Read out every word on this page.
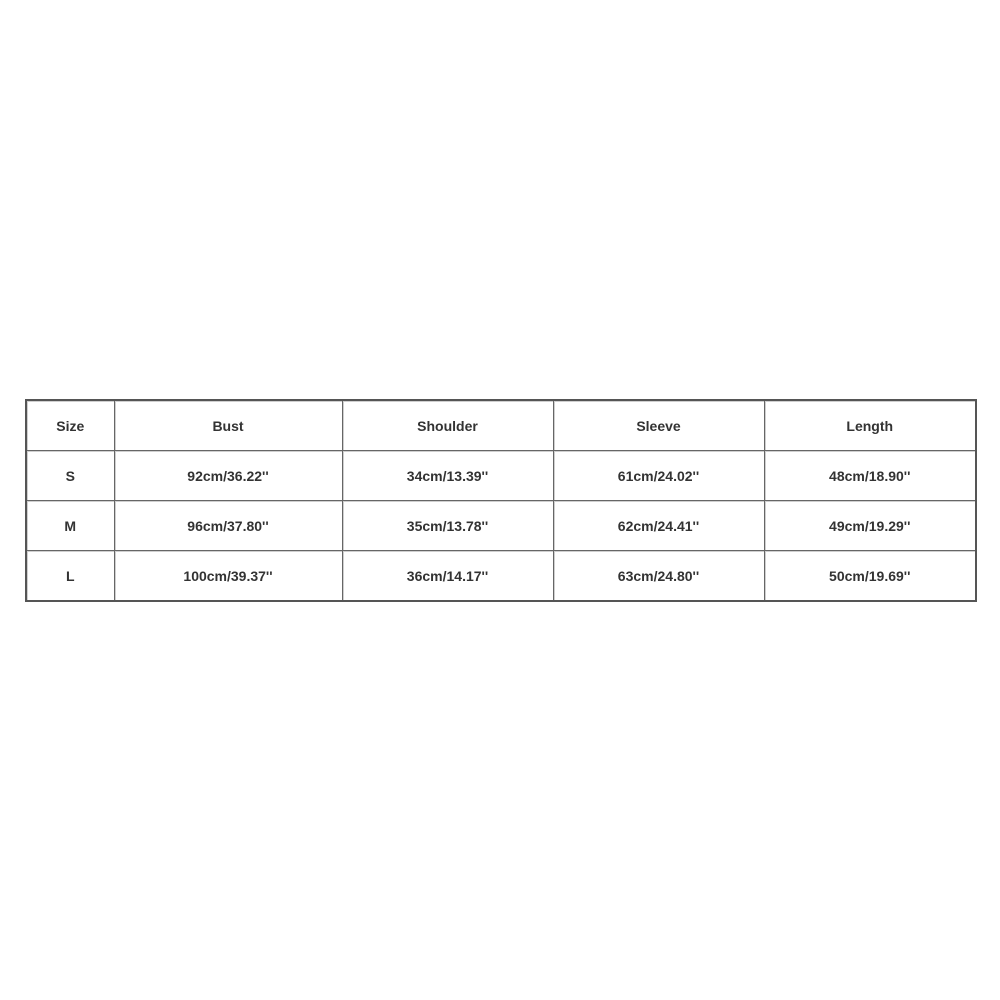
Size	Bust	Shoulder	Sleeve	Length
S	92cm/36.22''	34cm/13.39''	61cm/24.02''	48cm/18.90''
M	96cm/37.80''	35cm/13.78''	62cm/24.41''	49cm/19.29''
L	100cm/39.37''	36cm/14.17''	63cm/24.80''	50cm/19.69''
